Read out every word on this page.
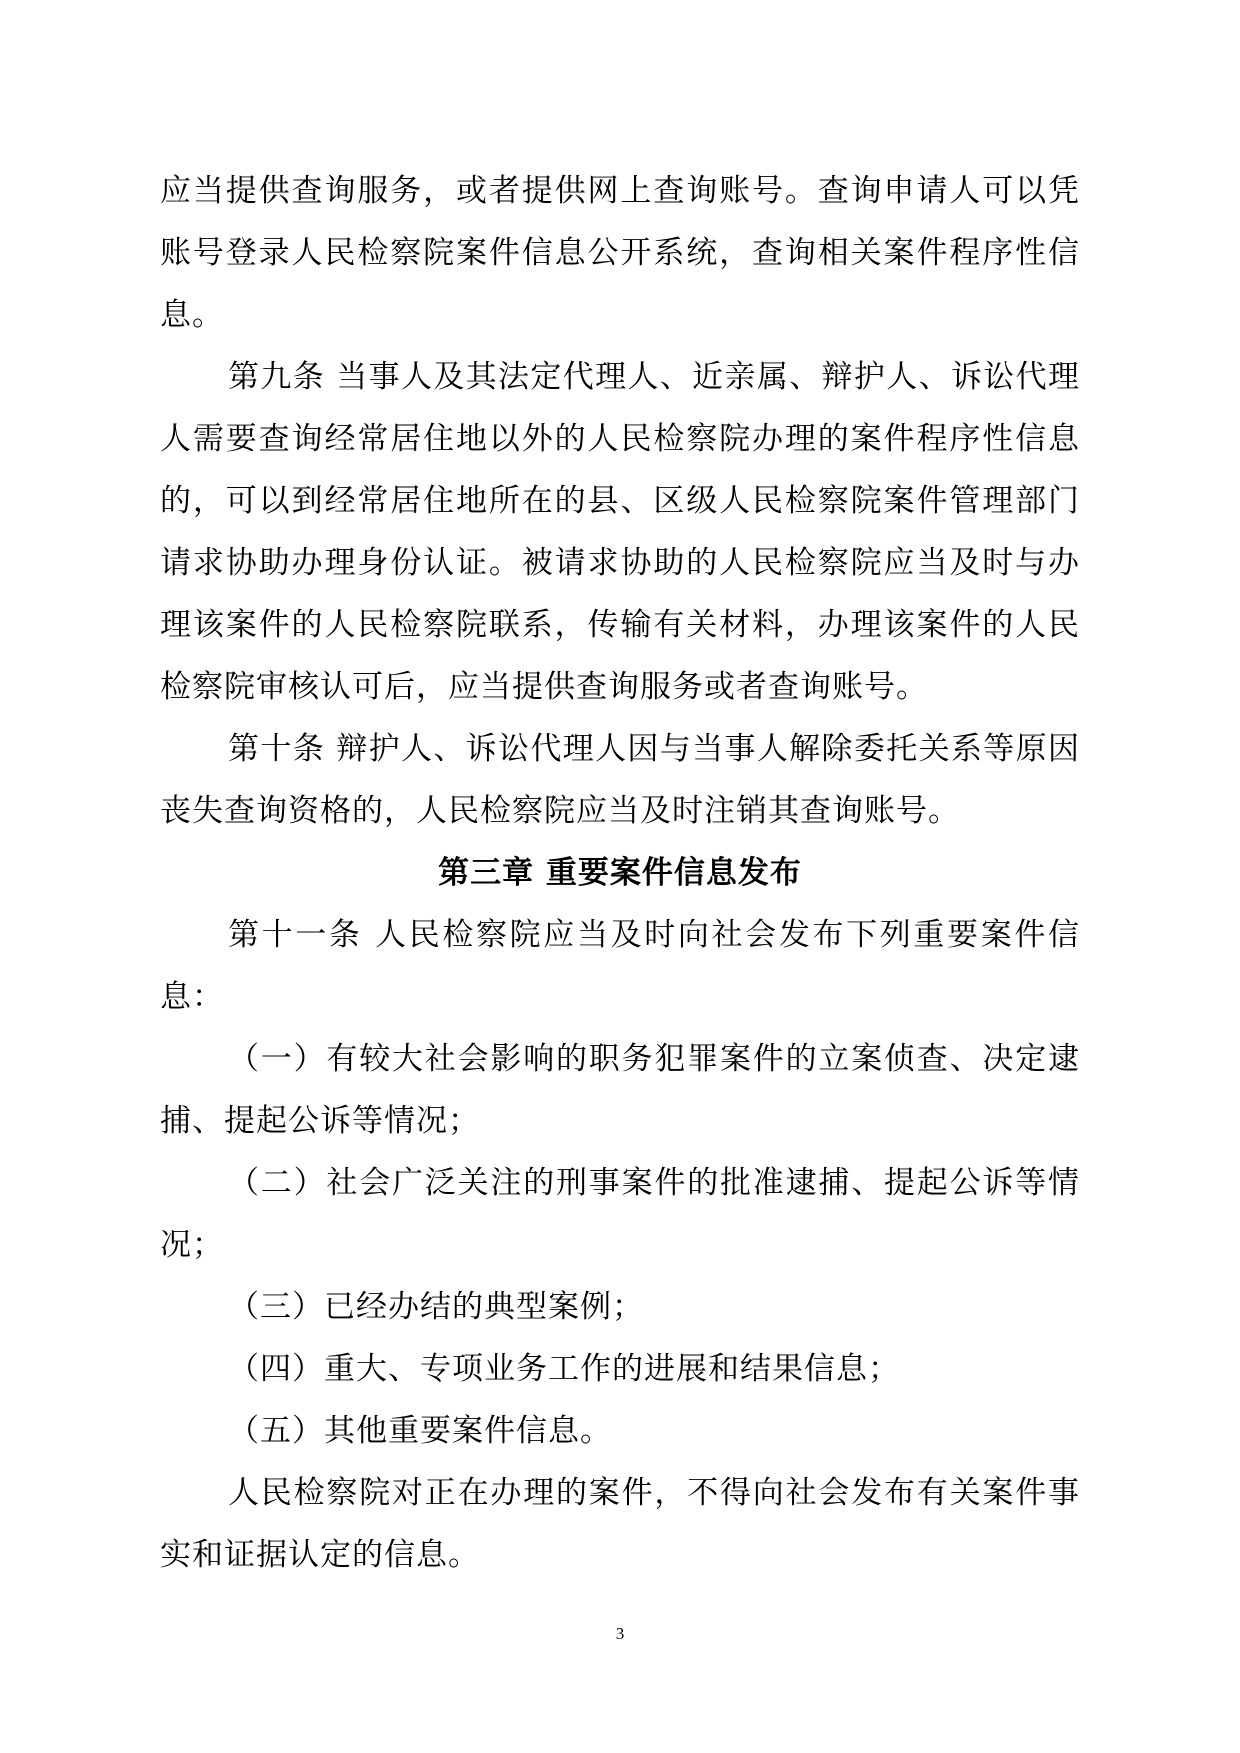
应当提供查询服务，或者提供网上查询账号。查询申请人可以凭账号登录人民检察院案件信息公开系统，查询相关案件程序性信息。

第九条 当事人及其法定代理人、近亲属、辩护人、诉讼代理人需要查询经常居住地以外的人民检察院办理的案件程序性信息的，可以到经常居住地所在的县、区级人民检察院案件管理部门请求协助办理身份认证。被请求协助的人民检察院应当及时与办理该案件的人民检察院联系，传输有关材料，办理该案件的人民检察院审核认可后，应当提供查询服务或者查询账号。

第十条 辩护人、诉讼代理人因与当事人解除委托关系等原因丧失查询资格的，人民检察院应当及时注销其查询账号。

第三章 重要案件信息发布

第十一条 人民检察院应当及时向社会发布下列重要案件信息：

（一）有较大社会影响的职务犯罪案件的立案侦查、决定逮捕、提起公诉等情况；

（二）社会广泛关注的刑事案件的批准逮捕、提起公诉等情况；

（三）已经办结的典型案例；

（四）重大、专项业务工作的进展和结果信息；

（五）其他重要案件信息。

人民检察院对正在办理的案件，不得向社会发布有关案件事实和证据认定的信息。

3
